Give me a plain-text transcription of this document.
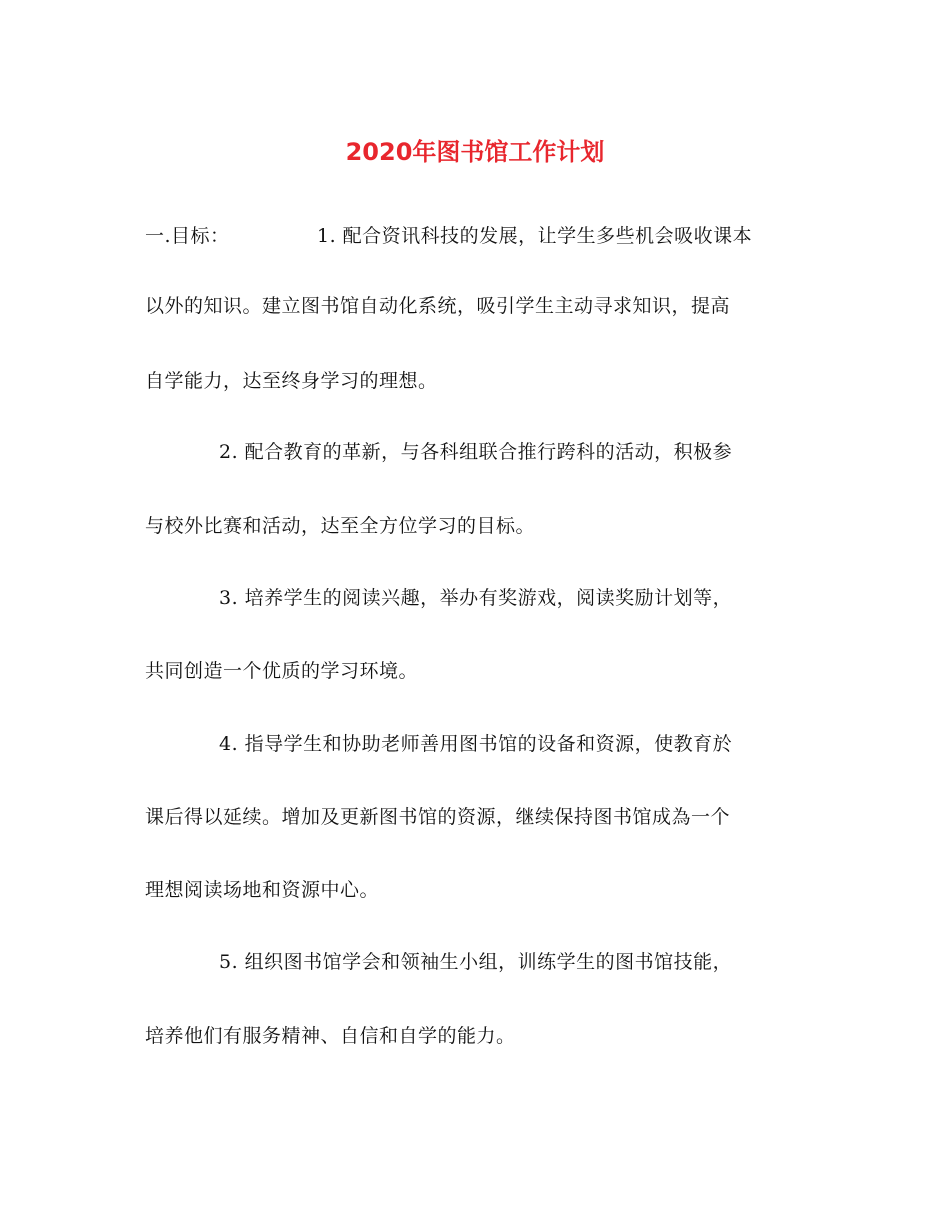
2020年图书馆工作计划
一.目标：	1. 配合资讯科技的发展，让学生多些机会吸收课本
以外的知识。建立图书馆自动化系统，吸引学生主动寻求知识，提高
自学能力，达至终身学习的理想。
2. 配合教育的革新，与各科组联合推行跨科的活动，积极参
与校外比赛和活动，达至全方位学习的目标。
3. 培养学生的阅读兴趣，举办有奖游戏，阅读奖励计划等，
共同创造一个优质的学习环境。
4. 指导学生和协助老师善用图书馆的设备和资源，使教育於
课后得以延续。增加及更新图书馆的资源，继续保持图书馆成為一个
理想阅读场地和资源中心。
5. 组织图书馆学会和领袖生小组，训练学生的图书馆技能，
培养他们有服务精神、自信和自学的能力。
